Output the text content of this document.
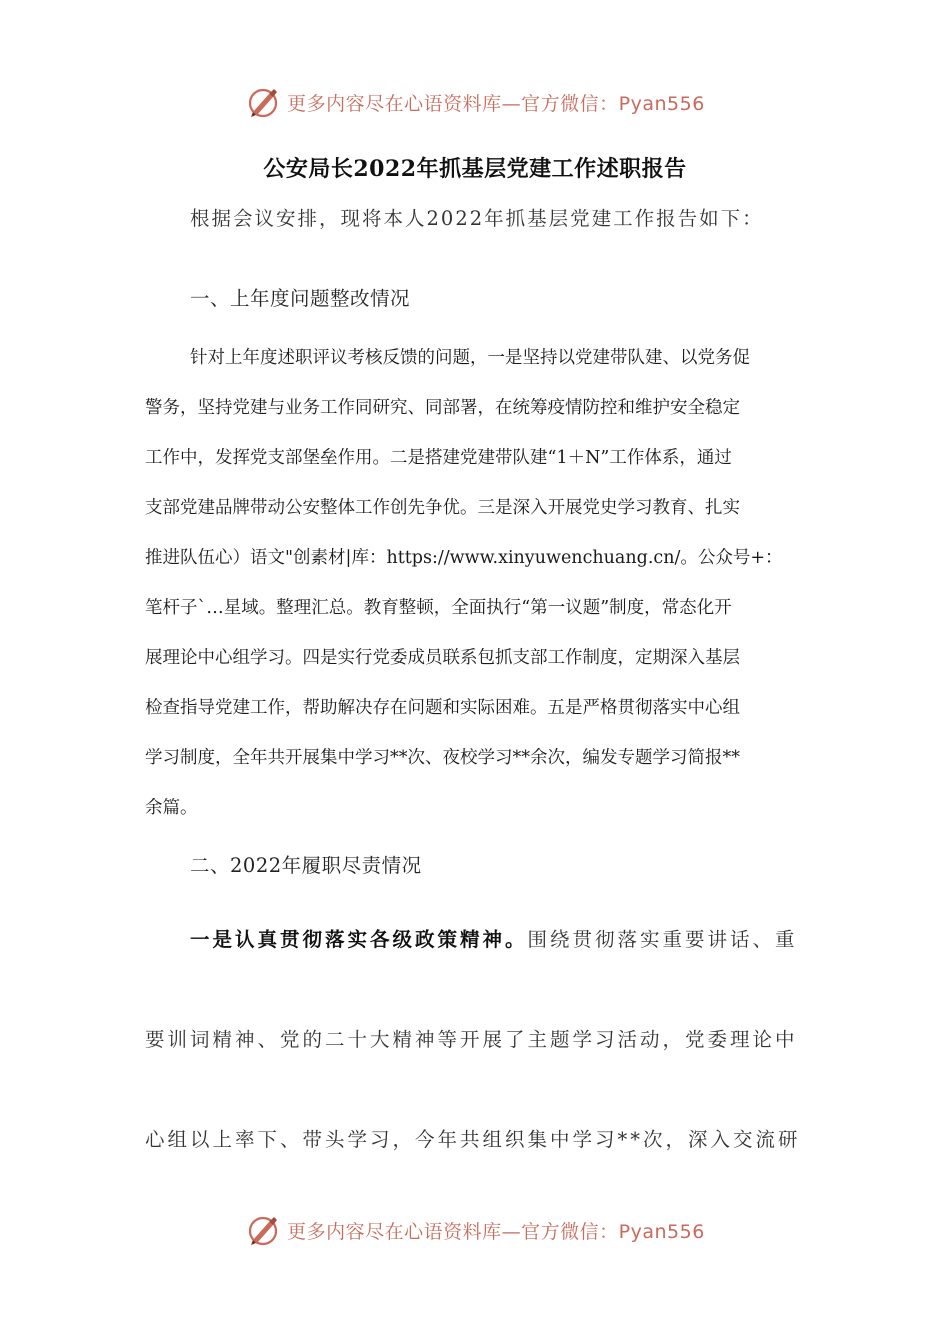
更多内容尽在心语资料库—官方微信：Pyan556
公安局长2022年抓基层党建工作述职报告
根据会议安排，现将本人2022年抓基层党建工作报告如下：
一、上年度问题整改情况
针对上年度述职评议考核反馈的问题，一是坚持以党建带队建、以党务促
警务，坚持党建与业务工作同研究、同部署，在统筹疫情防控和维护安全稳定
工作中，发挥党支部堡垒作用。二是搭建党建带队建“1＋N”工作体系，通过
支部党建品牌带动公安整体工作创先争优。三是深入开展党史学习教育、扎实
推进队伍心）语文"创素材|库：https://www.xinyuwenchuang.cn/。公众号+：
笔杆子`…星域。整理汇总。教育整顿，全面执行“第一议题”制度，常态化开
展理论中心组学习。四是实行党委成员联系包抓支部工作制度，定期深入基层
检查指导党建工作，帮助解决存在问题和实际困难。五是严格贯彻落实中心组
学习制度，全年共开展集中学习**次、夜校学习**余次，编发专题学习简报**
余篇。
二、2022年履职尽责情况
一是认真贯彻落实各级政策精神。围绕贯彻落实重要讲话、重
要训词精神、党的二十大精神等开展了主题学习活动，党委理论中
心组以上率下、带头学习，今年共组织集中学习**次，深入交流研
更多内容尽在心语资料库—官方微信：Pyan556
